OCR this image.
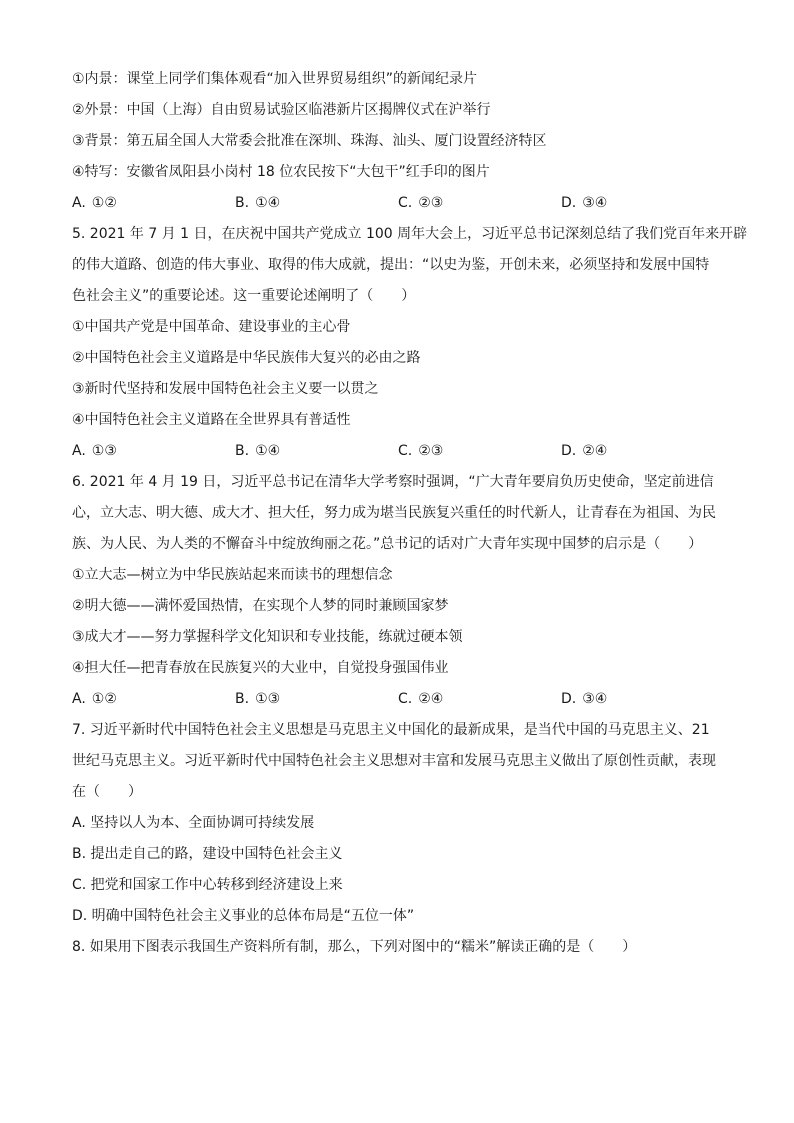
①内景：课堂上同学们集体观看“加入世界贸易组织”的新闻纪录片
②外景：中国（上海）自由贸易试验区临港新片区揭牌仪式在沪举行
③背景：第五届全国人大常委会批准在深圳、珠海、汕头、厦门设置经济特区
④特写：安徽省凤阳县小岗村 18 位农民按下“大包干”红手印的图片
A. ①②	B. ①④	C. ②③	D. ③④
5. 2021 年 7 月 1 日，在庆祝中国共产党成立 100 周年大会上，习近平总书记深刻总结了我们党百年来开辟
的伟大道路、创造的伟大事业、取得的伟大成就，提出：“以史为鉴，开创未来，必须坚持和发展中国特
色社会主义”的重要论述。这一重要论述阐明了（　　）
①中国共产党是中国革命、建设事业的主心骨
②中国特色社会主义道路是中华民族伟大复兴的必由之路
③新时代坚持和发展中国特色社会主义要一以贯之
④中国特色社会主义道路在全世界具有普适性
A. ①③	B. ①④	C. ②③	D. ②④
6. 2021 年 4 月 19 日，习近平总书记在清华大学考察时强调，“广大青年要肩负历史使命，坚定前进信
心，立大志、明大德、成大才、担大任，努力成为堪当民族复兴重任的时代新人，让青春在为祖国、为民
族、为人民、为人类的不懈奋斗中绽放绚丽之花。”总书记的话对广大青年实现中国梦的启示是（　　）
①立大志—树立为中华民族站起来而读书的理想信念
②明大德——满怀爱国热情，在实现个人梦的同时兼顾国家梦
③成大才——努力掌握科学文化知识和专业技能，练就过硬本领
④担大任—把青春放在民族复兴的大业中，自觉投身强国伟业
A. ①②	B. ①③	C. ②④	D. ③④
7. 习近平新时代中国特色社会主义思想是马克思主义中国化的最新成果，是当代中国的马克思主义、21
世纪马克思主义。习近平新时代中国特色社会主义思想对丰富和发展马克思主义做出了原创性贡献，表现
在（　　）
A. 坚持以人为本、全面协调可持续发展
B. 提出走自己的路，建设中国特色社会主义
C. 把党和国家工作中心转移到经济建设上来
D. 明确中国特色社会主义事业的总体布局是“五位一体”
8. 如果用下图表示我国生产资料所有制，那么，下列对图中的“糯米”解读正确的是（　　）
